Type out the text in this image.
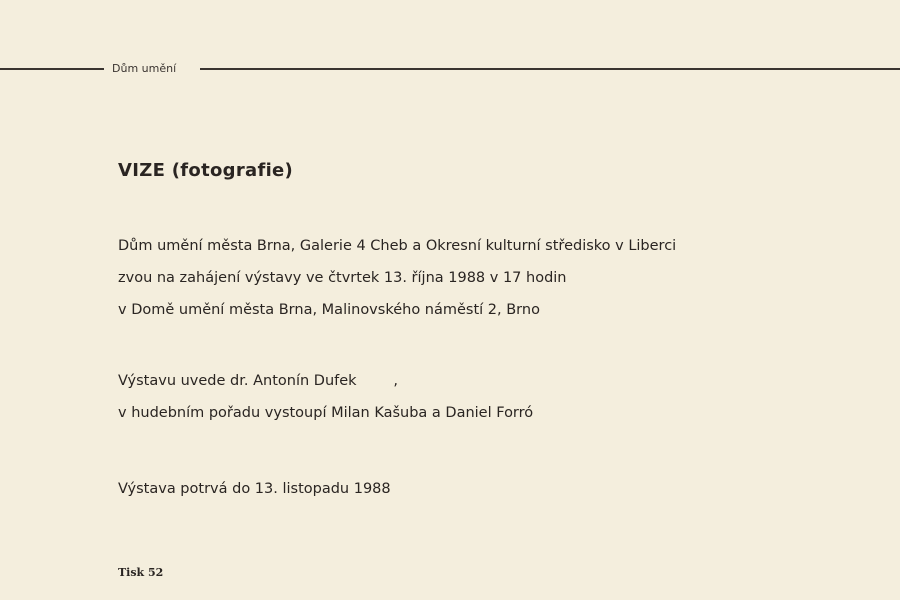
Dům umění
VIZE (fotografie)
Dům umění města Brna, Galerie 4 Cheb a Okresní kulturní středisko v Liberci
zvou na zahájení výstavy ve čtvrtek 13. října 1988 v 17 hodin
v Domě umění města Brna, Malinovského náměstí 2, Brno
Výstavu uvede dr. Antonín Dufek        ,
v hudebním pořadu vystoupí Milan Kašuba a Daniel Forró
Výstava potrvá do 13. listopadu 1988
Tisk 52
